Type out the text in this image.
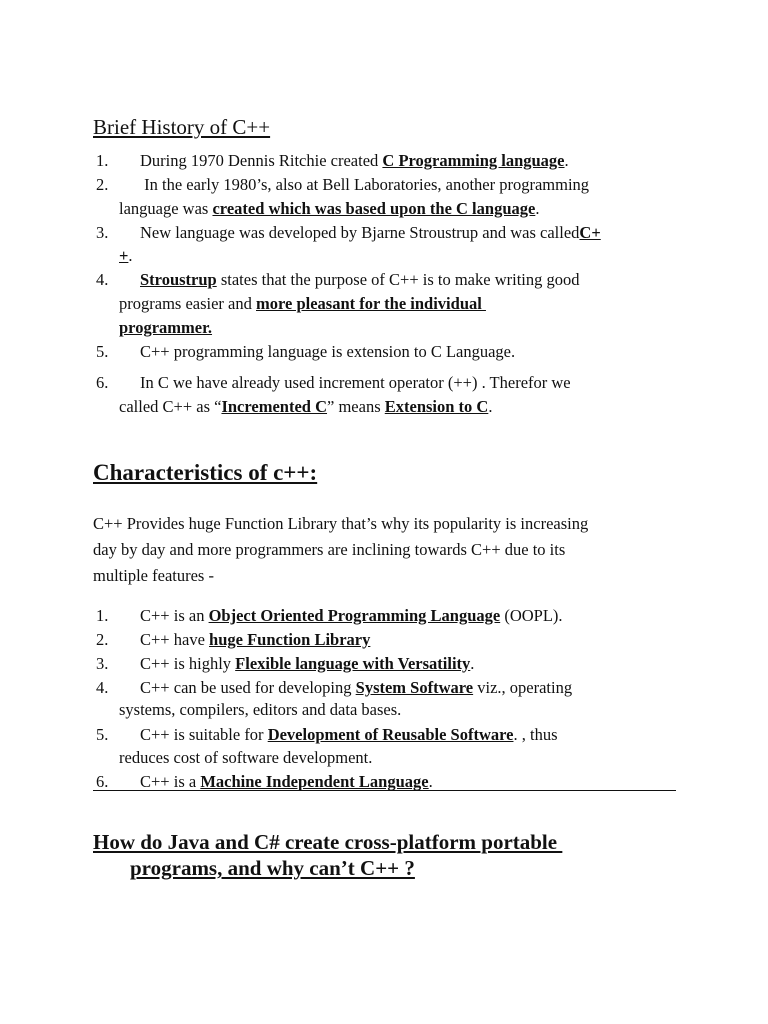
Brief History of C++
1. During 1970 Dennis Ritchie created C Programming language.
2. In the early 1980’s, also at Bell Laboratories, another programming
language was created which was based upon the C language.
3. New language was developed by Bjarne Stroustrup and was calledC+
+.
4. Stroustrup states that the purpose of C++ is to make writing good
programs easier and more pleasant for the individual
programmer.
5. C++ programming language is extension to C Language.
6. In C we have already used increment operator (++) . Therefor we
called C++ as “Incremented C” means Extension to C.
Characteristics of c++:
C++ Provides huge Function Library that’s why its popularity is increasing
day by day and more programmers are inclining towards C++ due to its
multiple features -
1. C++ is an Object Oriented Programming Language (OOPL).
2. C++ have huge Function Library
3. C++ is highly Flexible language with Versatility.
4. C++ can be used for developing System Software viz., operating
systems, compilers, editors and data bases.
5. C++ is suitable for Development of Reusable Software. , thus
reduces cost of software development.
6. C++ is a Machine Independent Language.
How do Java and C# create cross-platform portable
programs, and why can’t C++ ?
